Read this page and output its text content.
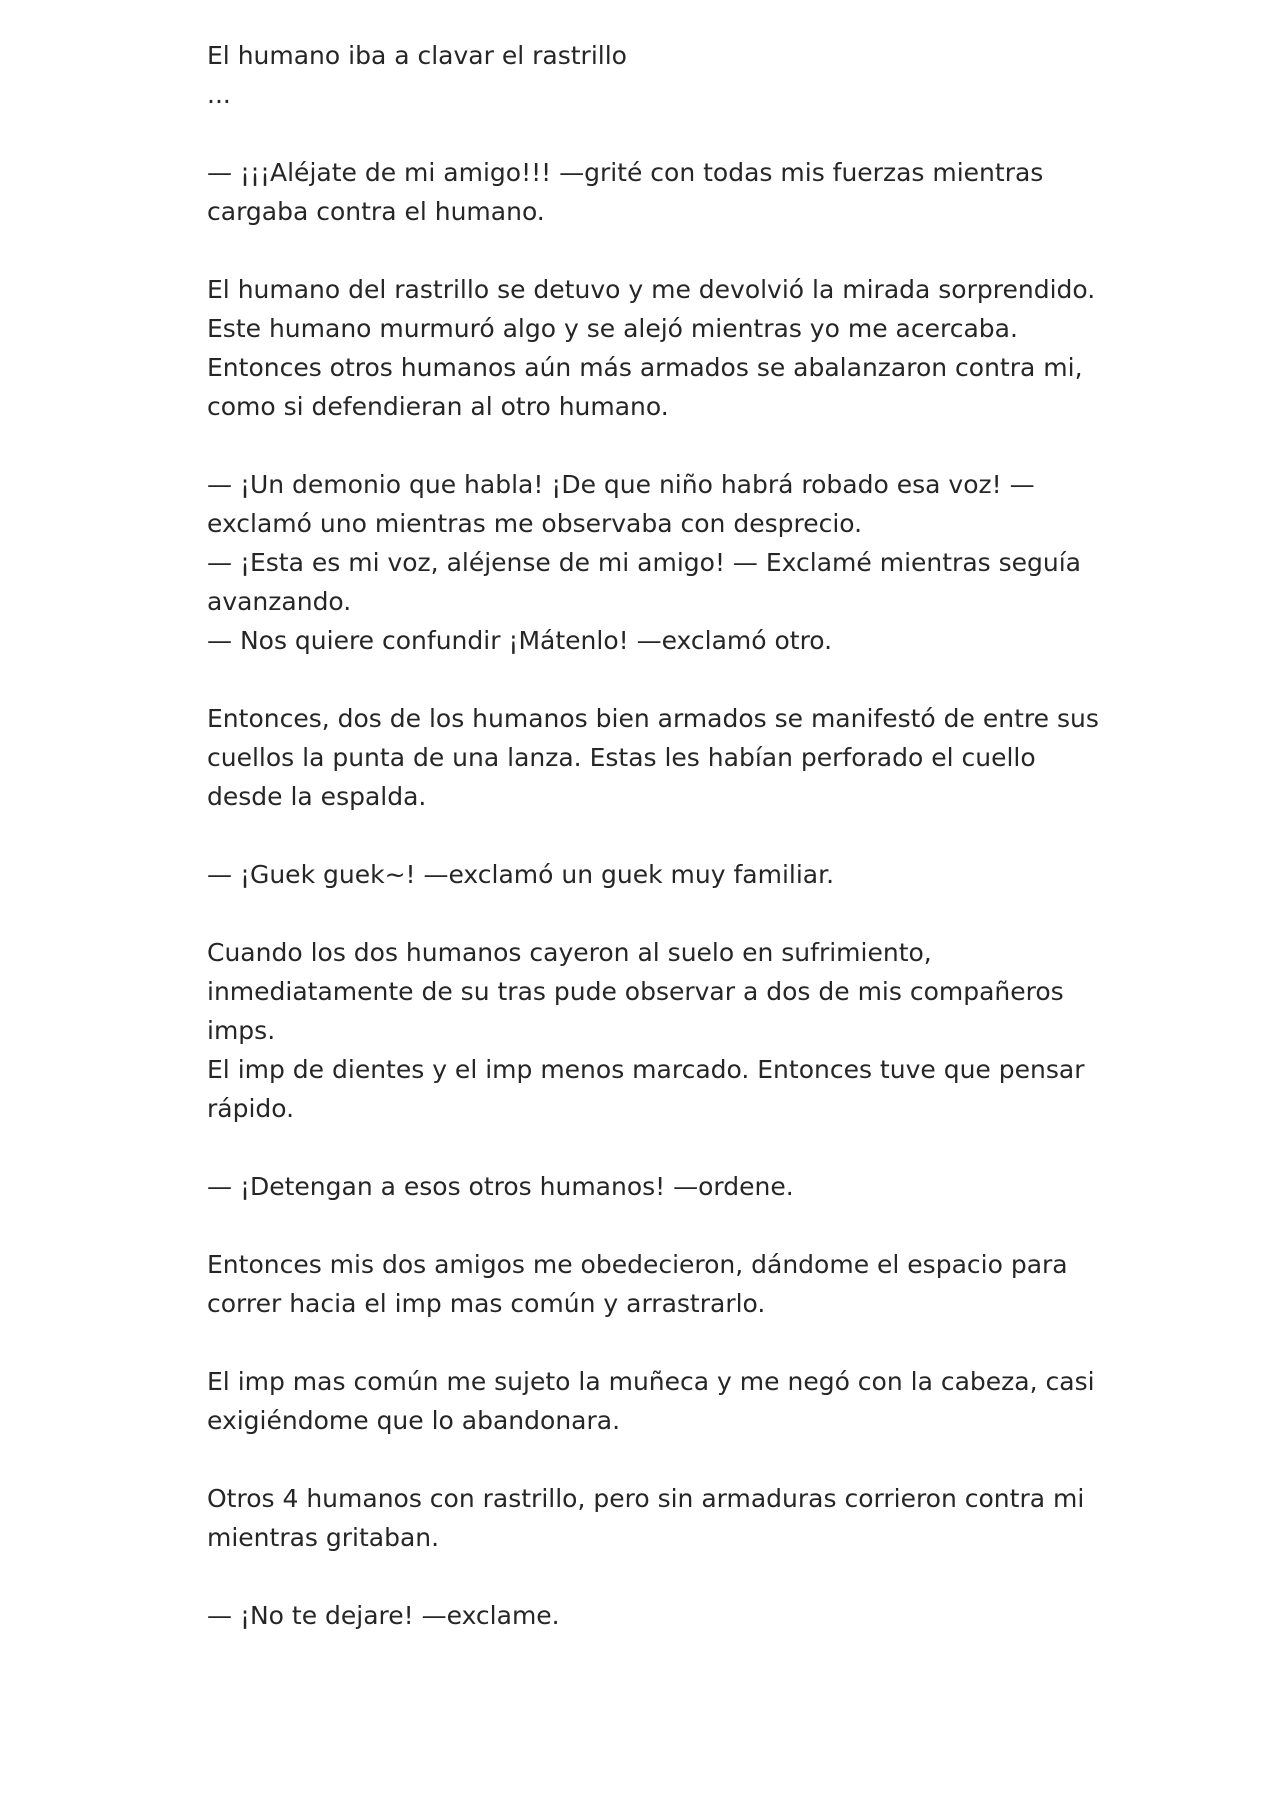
El humano iba a clavar el rastrillo
...
— ¡¡¡Aléjate de mi amigo!!! —grité con todas mis fuerzas mientras
cargaba contra el humano.
El humano del rastrillo se detuvo y me devolvió la mirada sorprendido.
Este humano murmuró algo y se alejó mientras yo me acercaba.
Entonces otros humanos aún más armados se abalanzaron contra mi,
como si defendieran al otro humano.
— ¡Un demonio que habla! ¡De que niño habrá robado esa voz! —
exclamó uno mientras me observaba con desprecio.
— ¡Esta es mi voz, aléjense de mi amigo! — Exclamé mientras seguía
avanzando.
— Nos quiere confundir ¡Mátenlo! —exclamó otro.
Entonces, dos de los humanos bien armados se manifestó de entre sus
cuellos la punta de una lanza. Estas les habían perforado el cuello
desde la espalda.
— ¡Guek guek~! —exclamó un guek muy familiar.
Cuando los dos humanos cayeron al suelo en sufrimiento,
inmediatamente de su tras pude observar a dos de mis compañeros
imps.
El imp de dientes y el imp menos marcado. Entonces tuve que pensar
rápido.
— ¡Detengan a esos otros humanos! —ordene.
Entonces mis dos amigos me obedecieron, dándome el espacio para
correr hacia el imp mas común y arrastrarlo.
El imp mas común me sujeto la muñeca y me negó con la cabeza, casi
exigiéndome que lo abandonara.
Otros 4 humanos con rastrillo, pero sin armaduras corrieron contra mi
mientras gritaban.
— ¡No te dejare! —exclame.
